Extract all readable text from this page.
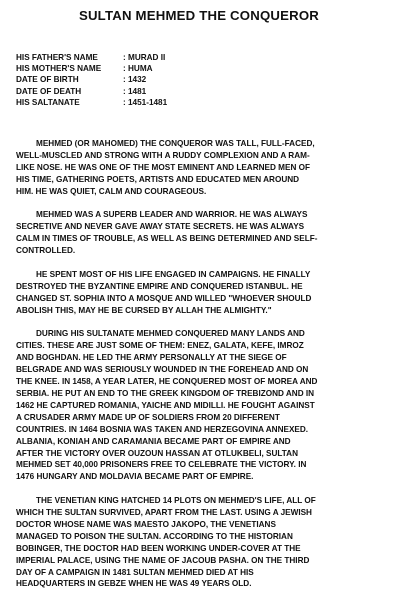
SULTAN MEHMED THE CONQUEROR
HIS FATHER'S NAME	: MURAD II
HIS MOTHER'S NAME	: HUMA
DATE OF BIRTH	: 1432
DATE OF DEATH	: 1481
HIS SALTANATE	: 1451-1481

MEHMED (OR MAHOMED) THE CONQUEROR WAS TALL, FULL-FACED,
WELL-MUSCLED AND STRONG WITH A RUDDY COMPLEXION AND A RAM-
LIKE NOSE. HE WAS ONE OF THE MOST EMINENT AND LEARNED MEN OF
HIS TIME, GATHERING POETS, ARTISTS AND EDUCATED MEN AROUND
HIM. HE WAS QUIET, CALM AND COURAGEOUS.

MEHMED WAS A SUPERB LEADER AND WARRIOR. HE WAS ALWAYS
SECRETIVE AND NEVER GAVE AWAY STATE SECRETS. HE WAS ALWAYS
CALM IN TIMES OF TROUBLE, AS WELL AS BEING DETERMINED AND SELF-
CONTROLLED.

HE SPENT MOST OF HIS LIFE ENGAGED IN CAMPAIGNS. HE FINALLY
DESTROYED THE BYZANTINE EMPIRE AND CONQUERED ISTANBUL. HE
CHANGED ST. SOPHIA INTO A MOSQUE AND WILLED "WHOEVER SHOULD
ABOLISH THIS, MAY HE BE CURSED BY ALLAH THE ALMIGHTY."

DURING HIS SULTANATE MEHMED CONQUERED MANY LANDS AND
CITIES. THESE ARE JUST SOME OF THEM: ENEZ, GALATA, KEFE, IMROZ
AND BOGHDAN. HE LED THE ARMY PERSONALLY AT THE SIEGE OF
BELGRADE AND WAS SERIOUSLY WOUNDED IN THE FOREHEAD AND ON
THE KNEE. IN 1458, A YEAR LATER, HE CONQUERED MOST OF MOREA AND
SERBIA. HE PUT AN END TO THE GREEK KINGDOM OF TREBIZOND AND IN
1462 HE CAPTURED ROMANIA, YAICHE AND MIDILLI. HE FOUGHT AGAINST
A CRUSADER ARMY MADE UP OF SOLDIERS FROM 20 DIFFERENT
COUNTRIES. IN 1464 BOSNIA WAS TAKEN AND HERZEGOVINA ANNEXED.
ALBANIA, KONIAH AND CARAMANIA BECAME PART OF EMPIRE AND
AFTER THE VICTORY OVER OUZOUN HASSAN AT OTLUKBELI, SULTAN
MEHMED SET 40,000 PRISONERS FREE TO CELEBRATE THE VICTORY. IN
1476 HUNGARY AND MOLDAVIA BECAME PART OF EMPIRE.

THE VENETIAN KING HATCHED 14 PLOTS ON MEHMED'S LIFE, ALL OF
WHICH THE SULTAN SURVIVED, APART FROM THE LAST. USING A JEWISH
DOCTOR WHOSE NAME WAS MAESTO JAKOPO, THE VENETIANS
MANAGED TO POISON THE SULTAN. ACCORDING TO THE HISTORIAN
BOBINGER, THE DOCTOR HAD BEEN WORKING UNDER-COVER AT THE
IMPERIAL PALACE, USING THE NAME OF JACOUB PASHA. ON THE THIRD
DAY OF A CAMPAIGN IN 1481 SULTAN MEHMED DIED AT HIS
HEADQUARTERS IN GEBZE WHEN HE WAS 49 YEARS OLD.
